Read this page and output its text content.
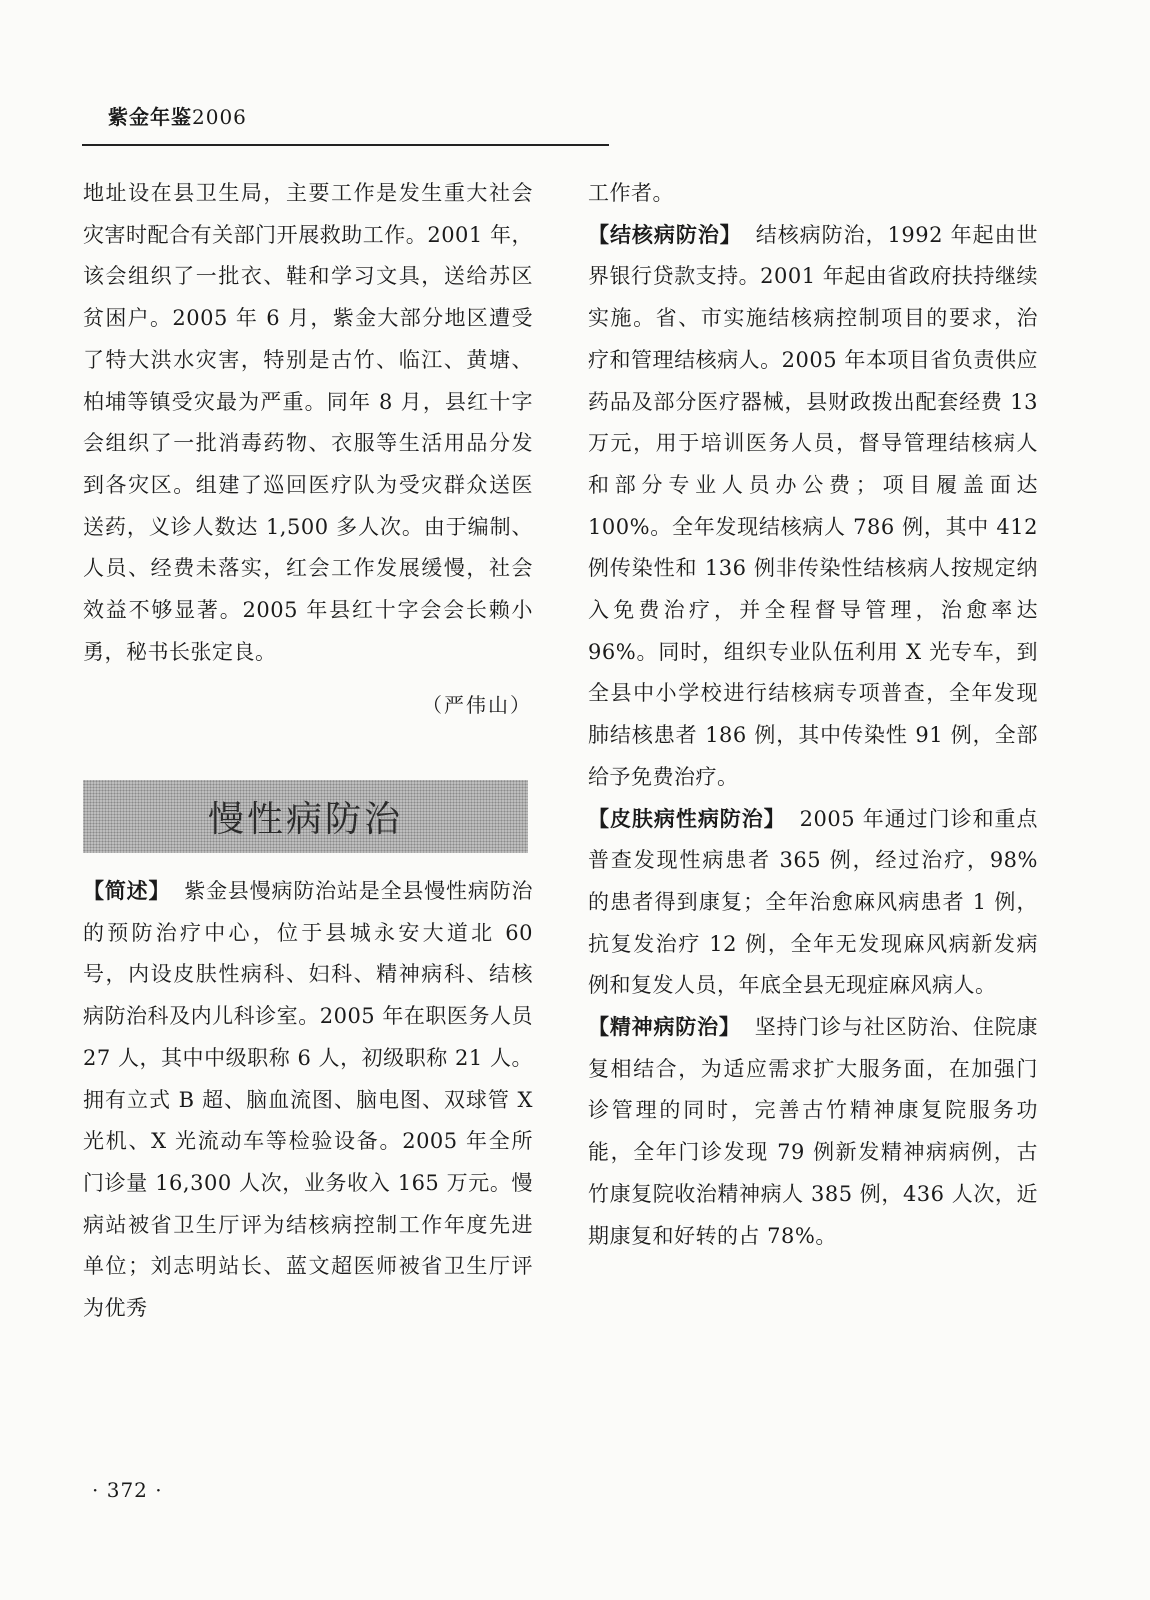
紫金年鉴2006

地址设在县卫生局，主要工作是发生重大社会灾害时配合有关部门开展救助工作。2001 年，该会组织了一批衣、鞋和学习文具，送给苏区贫困户。2005 年 6 月，紫金大部分地区遭受了特大洪水灾害，特别是古竹、临江、黄塘、柏埔等镇受灾最为严重。同年 8 月，县红十字会组织了一批消毒药物、衣服等生活用品分发到各灾区。组建了巡回医疗队为受灾群众送医送药，义诊人数达 1,500 多人次。由于编制、人员、经费未落实，红会工作发展缓慢，社会效益不够显著。2005 年县红十字会会长赖小勇，秘书长张定良。

（严伟山）
慢性病防治

【简述】 紫金县慢病防治站是全县慢性病防治的预防治疗中心，位于县城永安大道北 60 号，内设皮肤性病科、妇科、精神病科、结核病防治科及内儿科诊室。2005 年在职医务人员 27 人，其中中级职称 6 人，初级职称 21 人。拥有立式 B 超、脑血流图、脑电图、双球管 X 光机、X 光流动车等检验设备。2005 年全所门诊量 16,300 人次，业务收入 165 万元。慢病站被省卫生厅评为结核病控制工作年度先进单位；刘志明站长、蓝文超医师被省卫生厅评为优秀

工作者。

【结核病防治】 结核病防治，1992 年起由世界银行贷款支持。2001 年起由省政府扶持继续实施。省、市实施结核病控制项目的要求，治疗和管理结核病人。2005 年本项目省负责供应药品及部分医疗器械，县财政拨出配套经费 13 万元，用于培训医务人员，督导管理结核病人和部分专业人员办公费；项目履盖面达 100%。全年发现结核病人 786 例，其中 412 例传染性和 136 例非传染性结核病人按规定纳入免费治疗，并全程督导管理，治愈率达 96%。同时，组织专业队伍利用 X 光专车，到全县中小学校进行结核病专项普查，全年发现肺结核患者 186 例，其中传染性 91 例，全部给予免费治疗。

【皮肤病性病防治】 2005 年通过门诊和重点普查发现性病患者 365 例，经过治疗，98% 的患者得到康复；全年治愈麻风病患者 1 例，抗复发治疗 12 例，全年无发现麻风病新发病例和复发人员，年底全县无现症麻风病人。

【精神病防治】 坚持门诊与社区防治、住院康复相结合，为适应需求扩大服务面，在加强门诊管理的同时，完善古竹精神康复院服务功能，全年门诊发现 79 例新发精神病病例，古竹康复院收治精神病人 385 例，436 人次，近期康复和好转的占 78%。

· 372 ·
